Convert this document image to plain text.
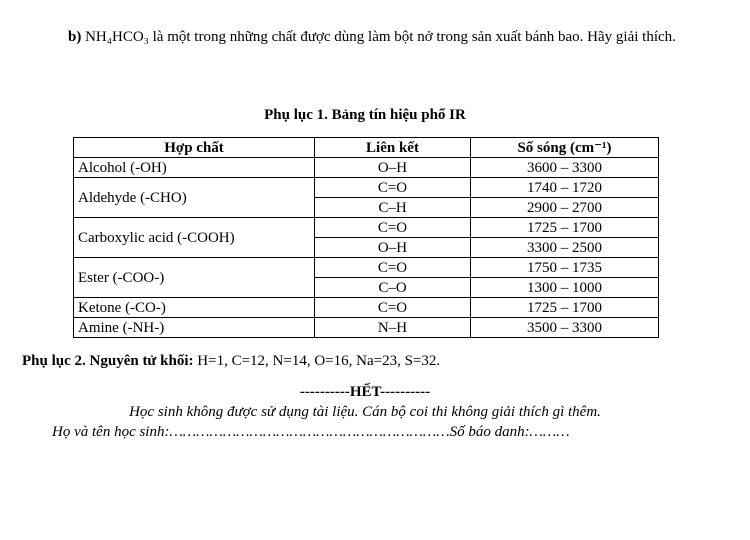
b) NH₄HCO₃ là một trong những chất được dùng làm bột nở trong sản xuất bánh bao. Hãy giải thích.
Phụ lục 1. Bảng tín hiệu phổ IR
Hợp chất	Liên kết	Số sóng (cm⁻¹)
Alcohol (-OH)	O–H	3600 – 3300
Aldehyde (-CHO)	C=O	1740 – 1720
	C–H	2900 – 2700
Carboxylic acid (-COOH)	C=O	1725 – 1700
	O–H	3300 – 2500
Ester (-COO-)	C=O	1750 – 1735
	C–O	1300 – 1000
Ketone (-CO-)	C=O	1725 – 1700
Amine (-NH-)	N–H	3500 – 3300
Phụ lục 2. Nguyên tử khối: H=1, C=12, N=14, O=16, Na=23, S=32.
----------HẾT----------
Học sinh không được sử dụng tài liệu. Cán bộ coi thi không giải thích gì thêm.
Họ và tên học sinh:………………………………………………………Số báo danh:………
